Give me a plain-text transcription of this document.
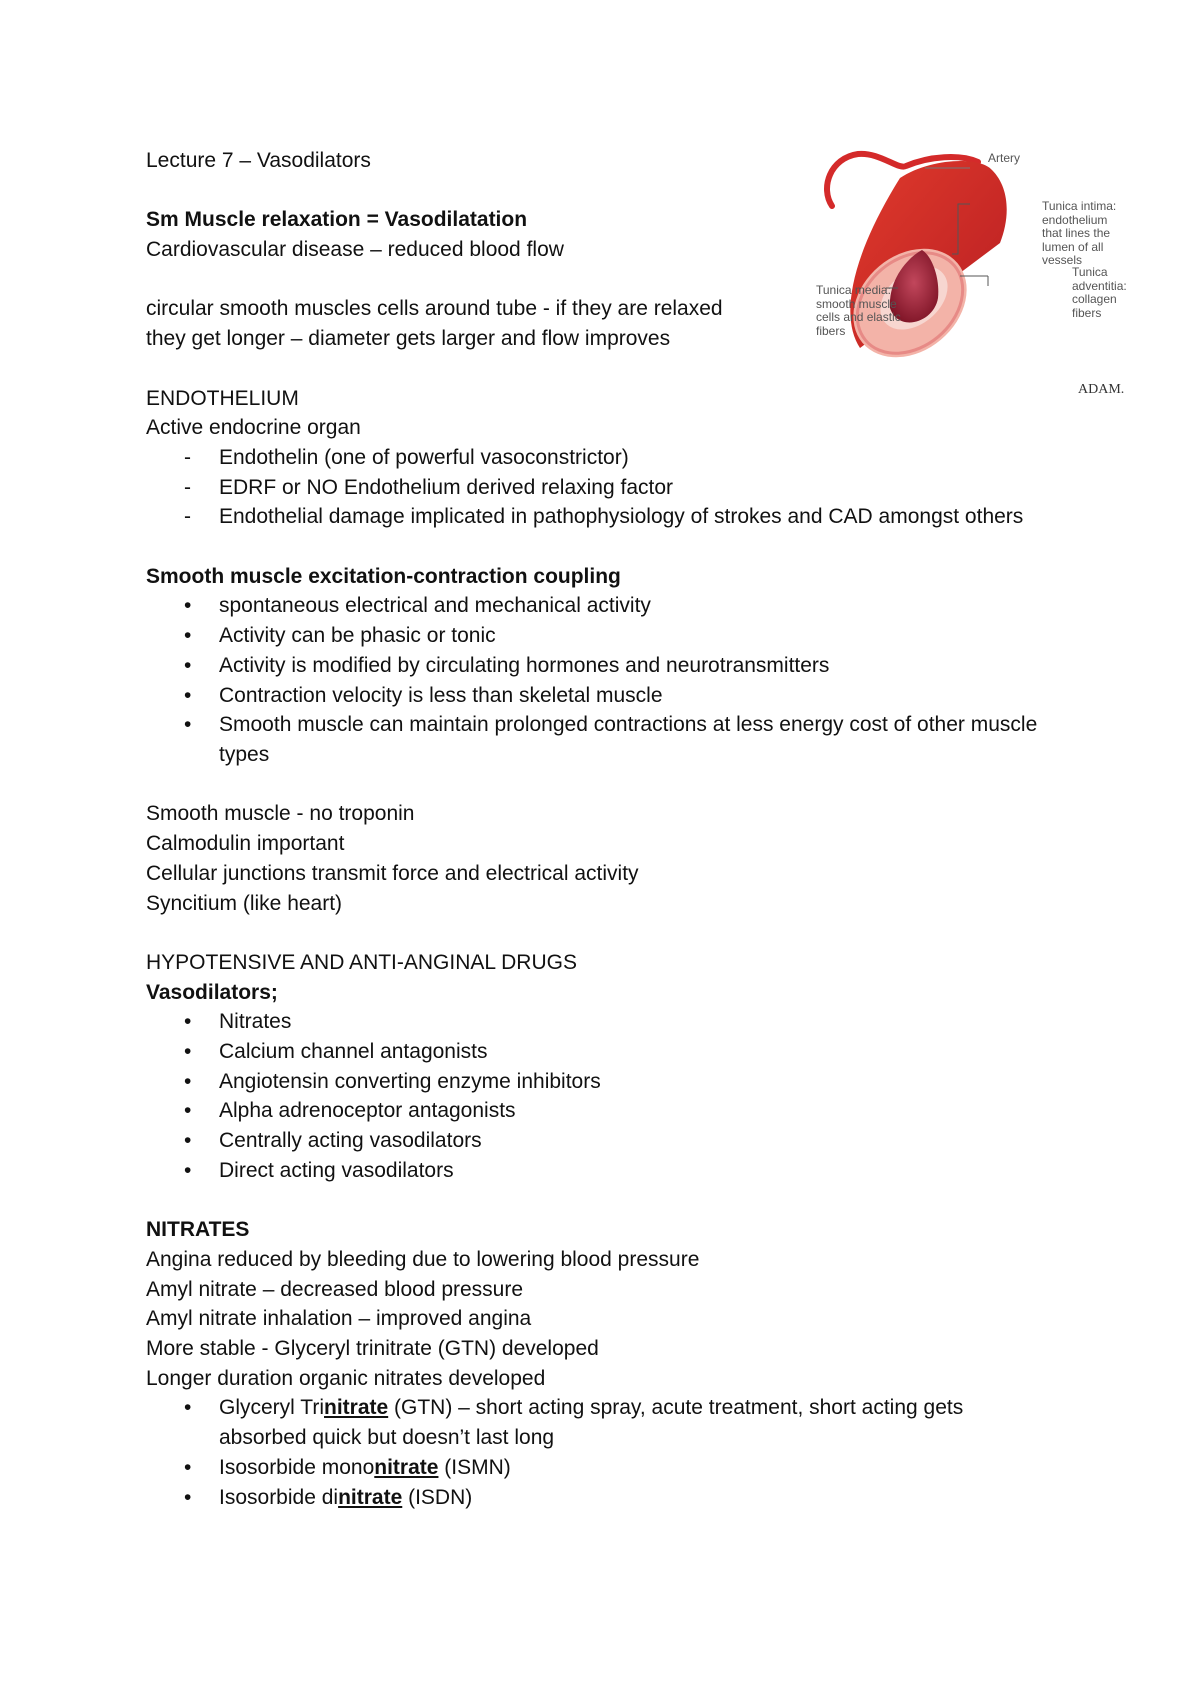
Lecture 7 – Vasodilators
Sm Muscle relaxation = Vasodilatation
Cardiovascular disease – reduced blood flow
circular smooth muscles cells around tube - if they are relaxed
they get longer – diameter gets larger and flow improves
ENDOTHELIUM
Active endocrine organ
-	Endothelin (one of powerful vasoconstrictor)
-	EDRF or NO Endothelium derived relaxing factor
-	Endothelial damage implicated in pathophysiology of strokes and CAD amongst others
Smooth muscle excitation-contraction coupling
•	spontaneous electrical and mechanical activity
•	Activity can be phasic or tonic
•	Activity is modified by circulating hormones and neurotransmitters
•	Contraction velocity is less than skeletal muscle
•	Smooth muscle can maintain prolonged contractions at less energy cost of other muscle types
Smooth muscle - no troponin
Calmodulin important
Cellular junctions transmit force and electrical activity
Syncitium (like heart)
HYPOTENSIVE AND ANTI-ANGINAL DRUGS
Vasodilators;
•	Nitrates
•	Calcium channel antagonists
•	Angiotensin converting enzyme inhibitors
•	Alpha adrenoceptor antagonists
•	Centrally acting vasodilators
•	Direct acting vasodilators
NITRATES
Angina reduced by bleeding due to lowering blood pressure
Amyl nitrate – decreased blood pressure
Amyl nitrate inhalation – improved angina
More stable - Glyceryl trinitrate (GTN) developed
Longer duration organic nitrates developed
•	Glyceryl Trinitrate (GTN) – short acting spray, acute treatment, short acting gets absorbed quick but doesn’t last long
•	Isosorbide mononitrate (ISMN)
•	Isosorbide dinitrate (ISDN)
Artery
Tunica intima:
endothelium
that lines the
lumen of all
vessels
Tunica media:
smooth muscle
cells and elastic
fibers
Tunica
adventitia:
collagen
fibers
ADAM.
